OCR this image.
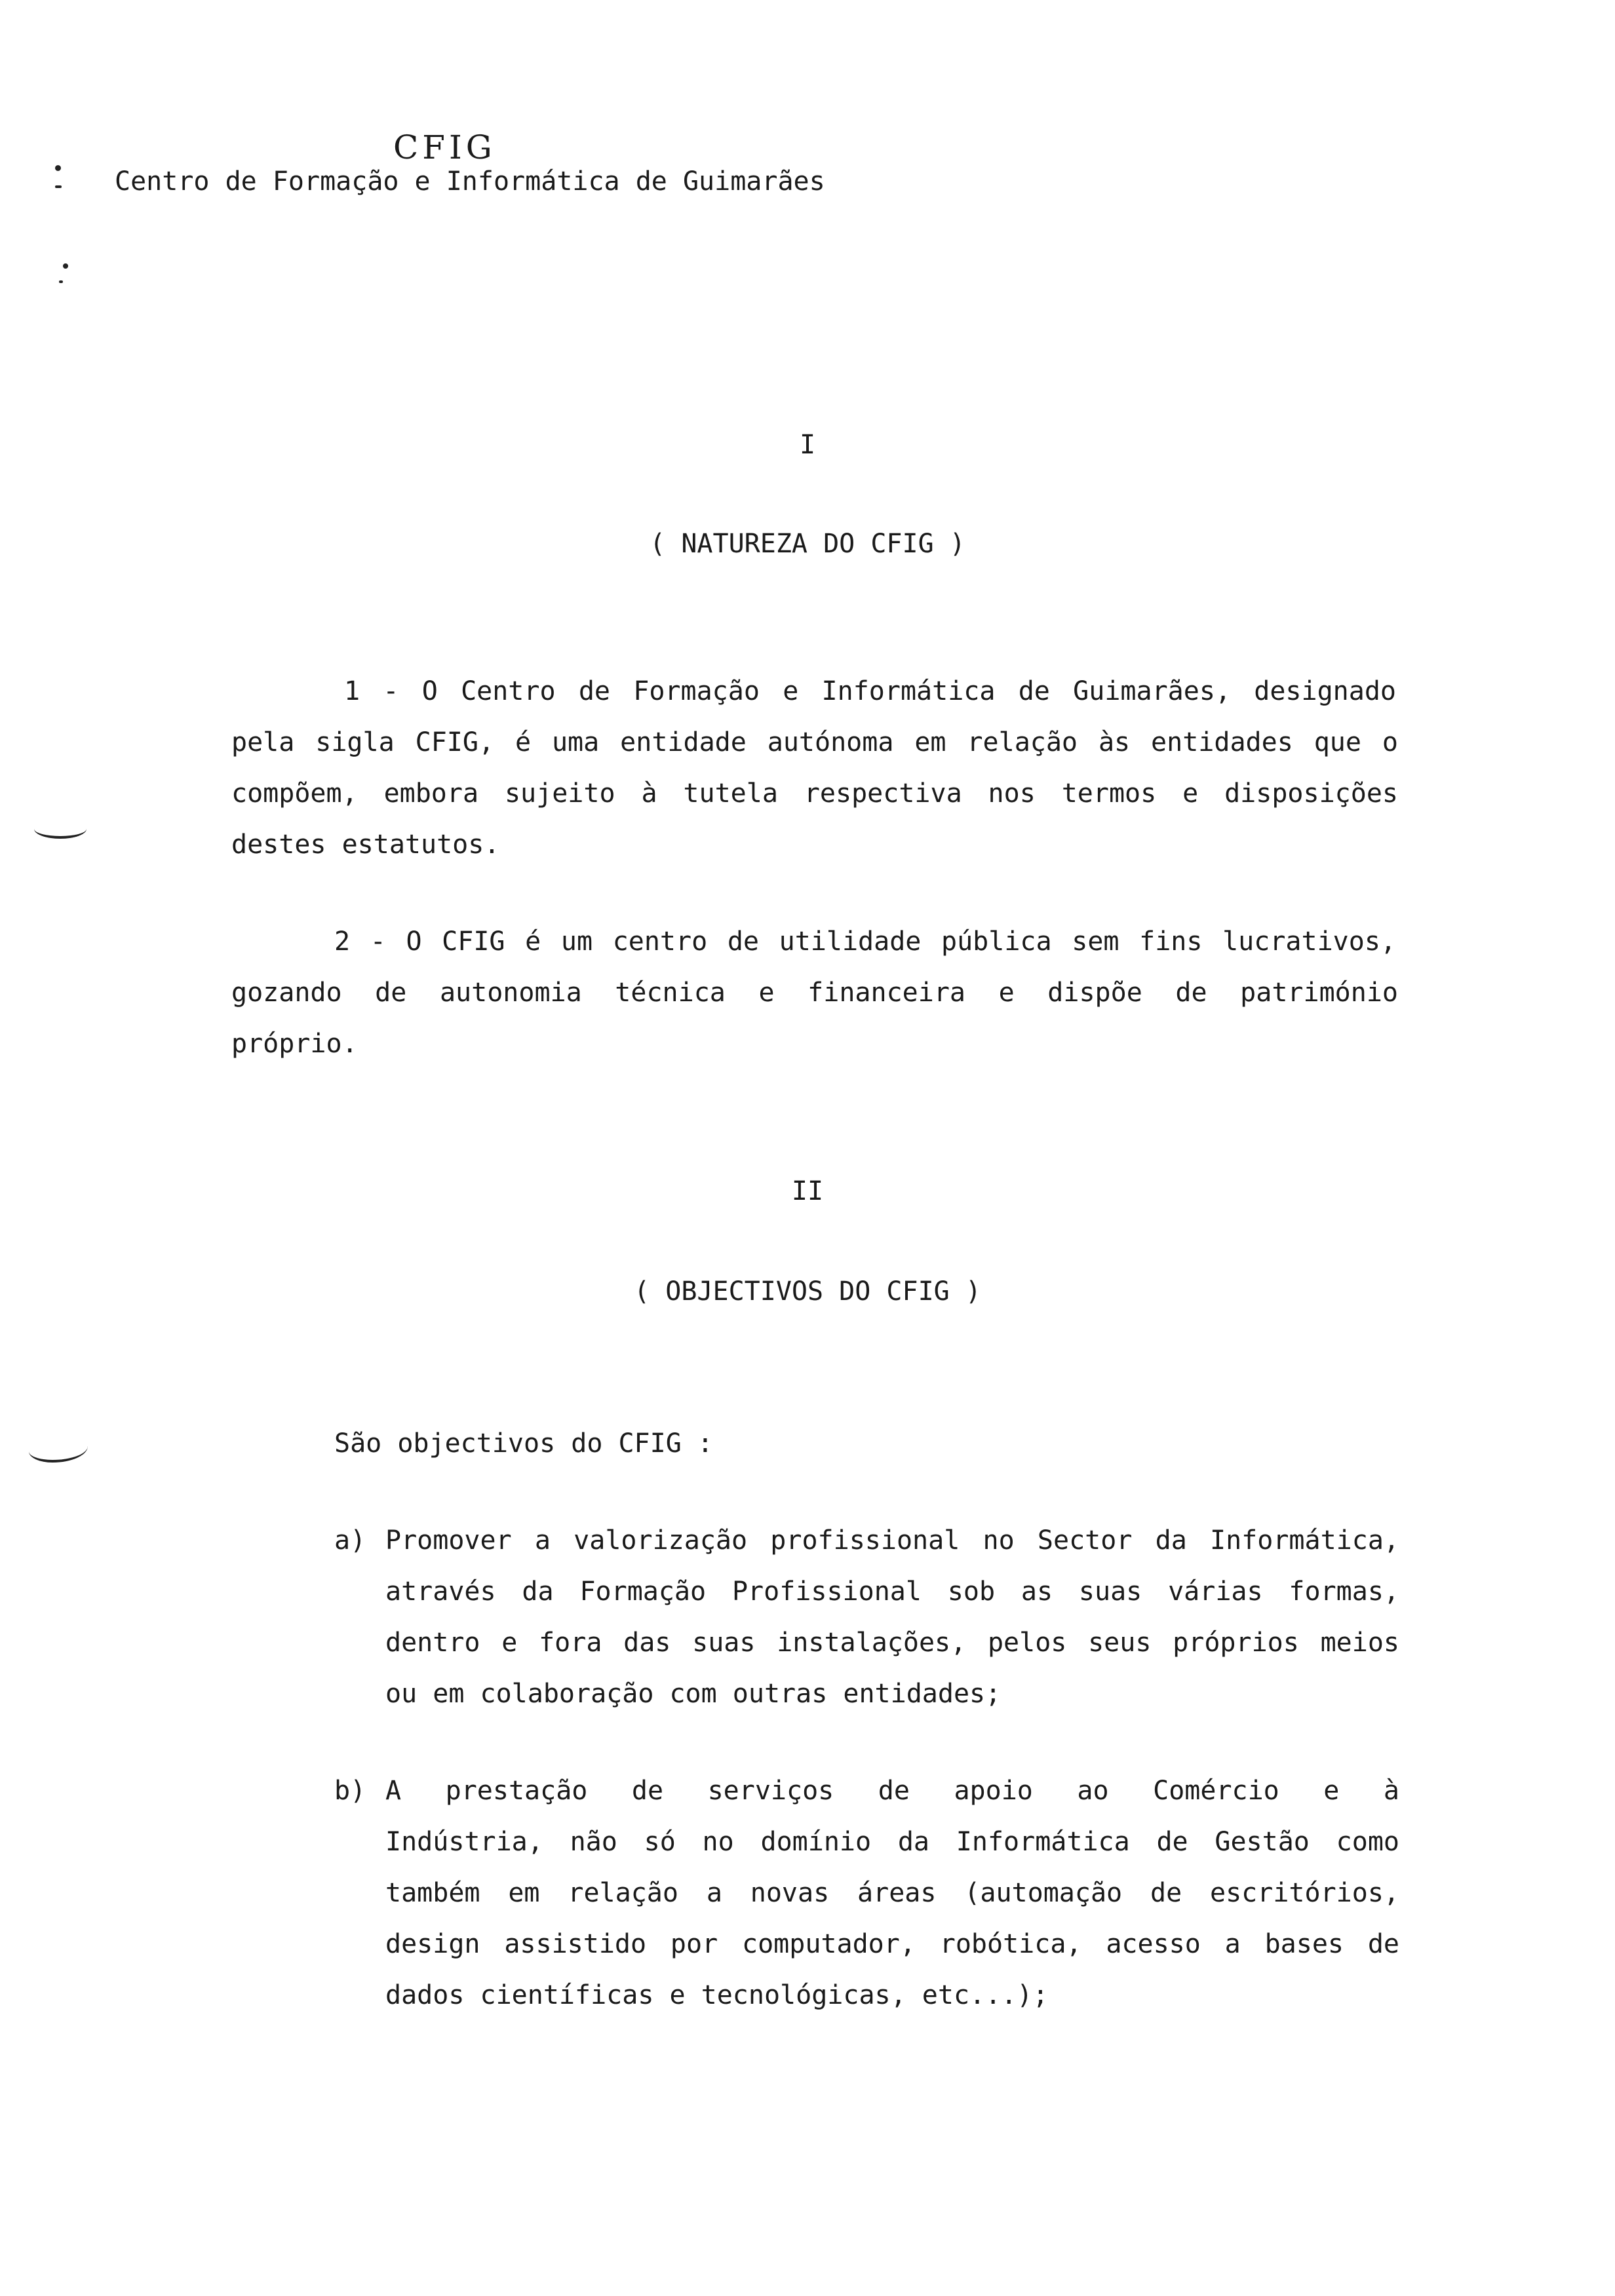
CFIG
Centro de Formação e Informática de Guimarães
I
( NATUREZA DO CFIG )
1 - O Centro de Formação e Informática de Guimarães, designado
pela sigla CFIG, é uma entidade autónoma em relação às entidades que o
compõem, embora sujeito à tutela respectiva nos termos e disposições
destes estatutos.
2 - O CFIG é um centro de utilidade pública sem fins lucrativos,
gozando de autonomia técnica e financeira e dispõe de património
próprio.
II
( OBJECTIVOS DO CFIG )
São objectivos do CFIG :
a) Promover a valorização profissional no Sector da Informática,
através da Formação Profissional sob as suas várias formas,
dentro e fora das suas instalações, pelos seus próprios meios
ou em colaboração com outras entidades;
b) A prestação de serviços de apoio ao Comércio e à
Indústria, não só no domínio da Informática de Gestão como
também em relação a novas áreas (automação de escritórios,
design assistido por computador, robótica, acesso a bases de
dados científicas e tecnológicas, etc...);
